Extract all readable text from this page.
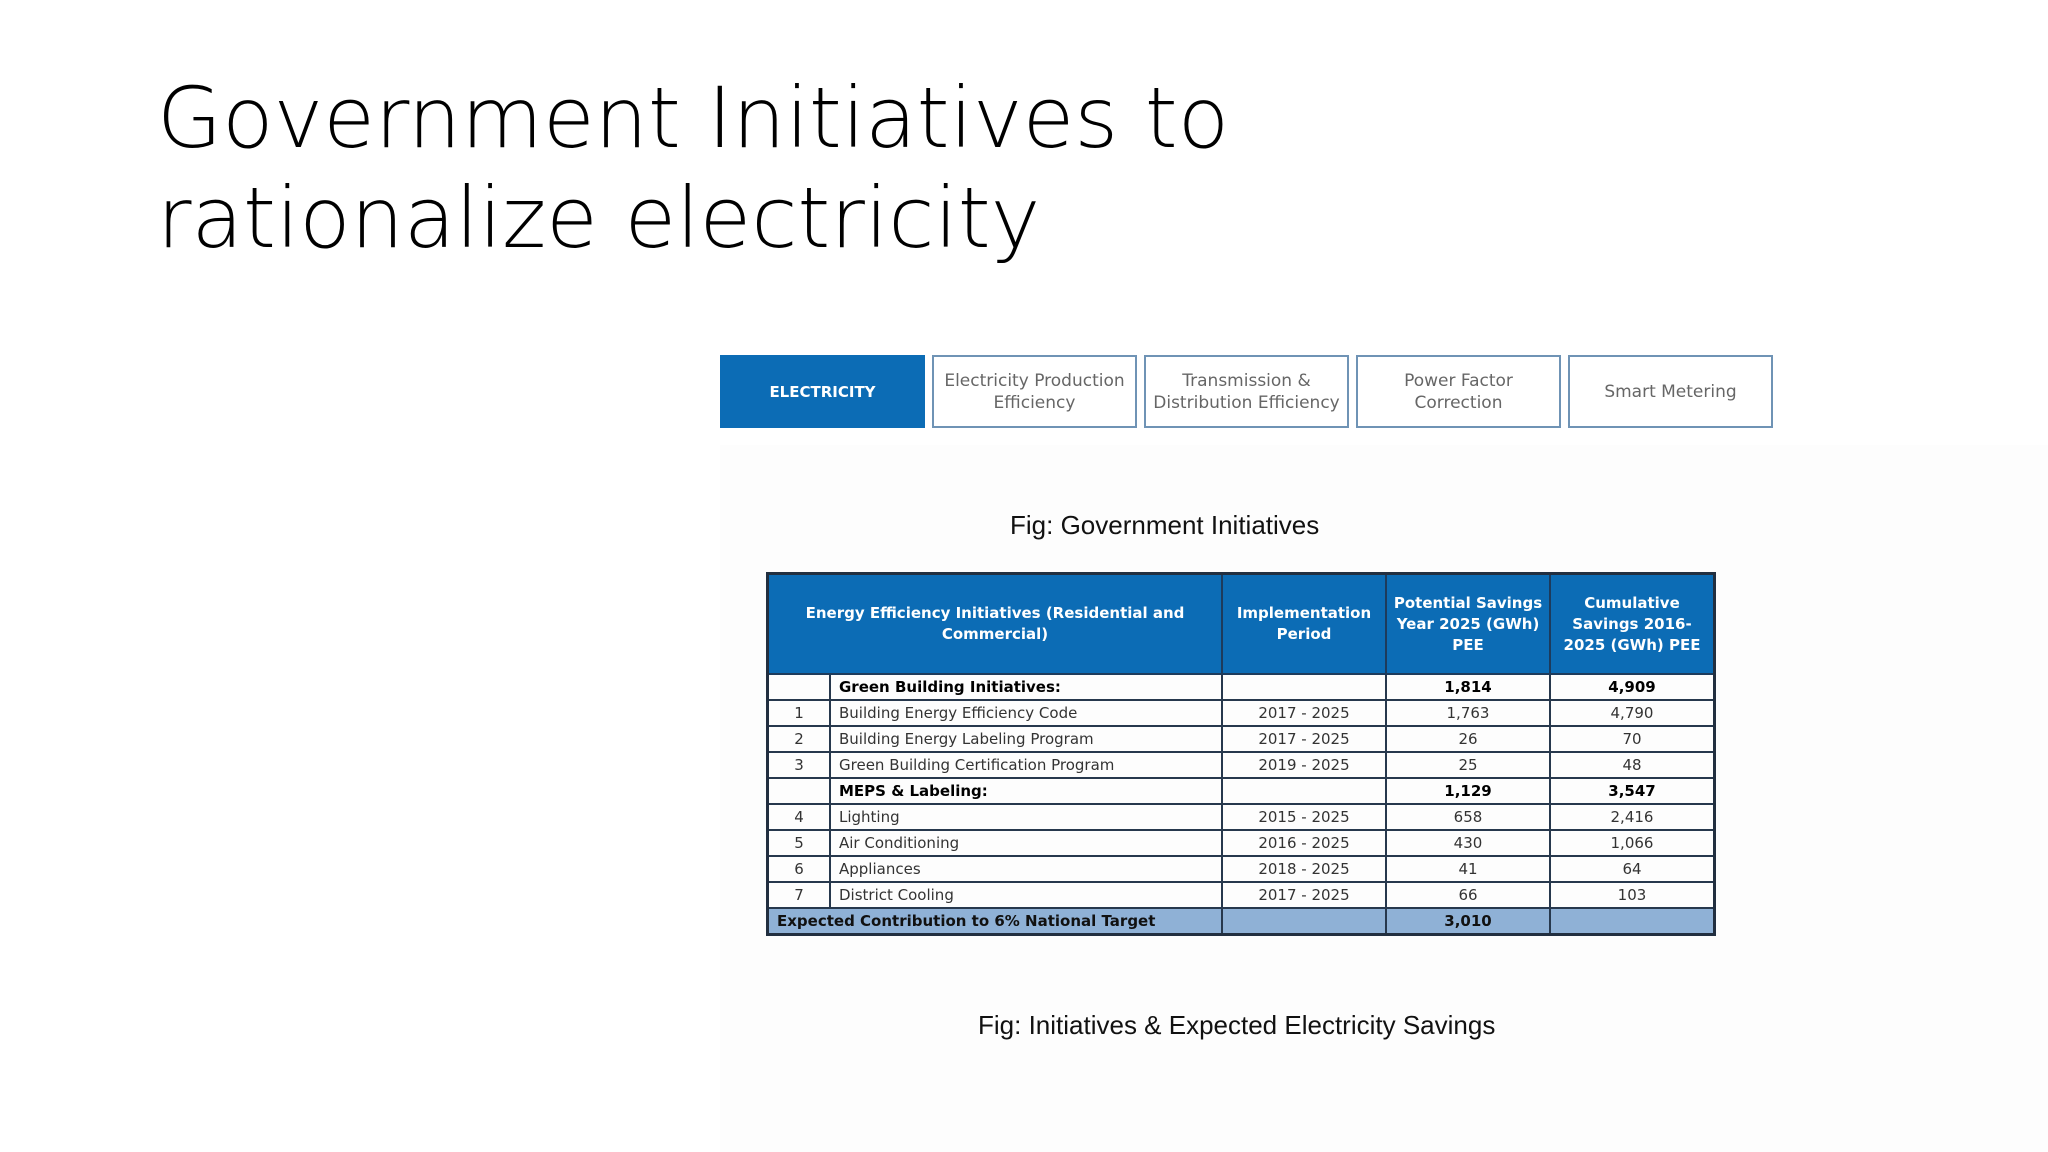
Government Initiatives to rationalize electricity
ELECTRICITY
Electricity Production Efficiency
Transmission & Distribution Efficiency
Power Factor Correction
Smart Metering
Fig: Government Initiatives
Energy Efficiency Initiatives (Residential and Commercial)		Implementation Period	Potential Savings Year 2025 (GWh) PEE	Cumulative Savings 2016- 2025 (GWh) PEE
	Green Building Initiatives:		1,814	4,909
1	Building Energy Efficiency Code	2017 - 2025	1,763	4,790
2	Building Energy Labeling Program	2017 - 2025	26	70
3	Green Building Certification Program	2019 - 2025	25	48
	MEPS & Labeling:		1,129	3,547
4	Lighting	2015 - 2025	658	2,416
5	Air Conditioning	2016 - 2025	430	1,066
6	Appliances	2018 - 2025	41	64
7	District Cooling	2017 - 2025	66	103
Expected Contribution to 6% National Target			3,010	
Fig: Initiatives & Expected Electricity Savings
